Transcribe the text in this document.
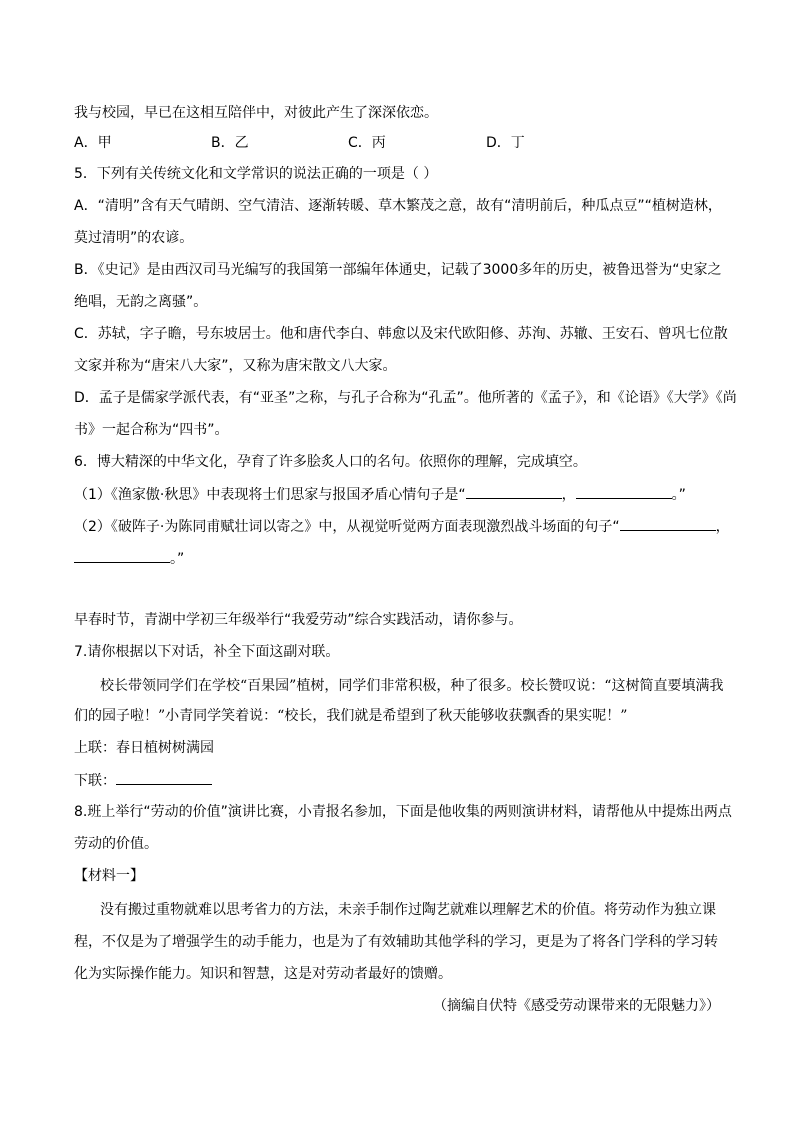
我与校园，早已在这相互陪伴中，对彼此产生了深深依恋。
A．甲	B．乙	C．丙	D．丁
5．下列有关传统文化和文学常识的说法正确的一项是（ ）
A．“清明”含有天气晴朗、空气清洁、逐渐转暖、草木繁茂之意，故有“清明前后，种瓜点豆”“植树造林，
莫过清明”的农谚。
B．《史记》是由西汉司马光编写的我国第一部编年体通史，记载了3000多年的历史，被鲁迅誉为“史家之
绝唱，无韵之离骚”。
C．苏轼，字子瞻，号东坡居士。他和唐代李白、韩愈以及宋代欧阳修、苏洵、苏辙、王安石、曾巩七位散
文家并称为“唐宋八大家”，又称为唐宋散文八大家。
D．孟子是儒家学派代表，有“亚圣”之称，与孔子合称为“孔孟”。他所著的《孟子》，和《论语》《大学》《尚
书》一起合称为“四书”。
6．博大精深的中华文化，孕育了许多脍炙人口的名句。依照你的理解，完成填空。
（1）《渔家傲·秋思》中表现将士们思家与报国矛盾心情句子是“	，	。”
（2）《破阵子·为陈同甫赋壮词以寄之》中，从视觉听觉两方面表现激烈战斗场面的句子“	，
。”
早春时节，青湖中学初三年级举行“我爱劳动”综合实践活动，请你参与。
7.请你根据以下对话，补全下面这副对联。
校长带领同学们在学校“百果园”植树，同学们非常积极，种了很多。校长赞叹说：“这树简直要填满我
们的园子啦！”小青同学笑着说：“校长，我们就是希望到了秋天能够收获飘香的果实呢！”
上联：春日植树树满园
下联：
8.班上举行“劳动的价值”演讲比赛，小青报名参加，下面是他收集的两则演讲材料，请帮他从中提炼出两点
劳动的价值。
【材料一】
没有搬过重物就难以思考省力的方法，未亲手制作过陶艺就难以理解艺术的价值。将劳动作为独立课
程，不仅是为了增强学生的动手能力，也是为了有效辅助其他学科的学习，更是为了将各门学科的学习转
化为实际操作能力。知识和智慧，这是对劳动者最好的馈赠。
（摘编自伏特《感受劳动课带来的无限魅力》）
